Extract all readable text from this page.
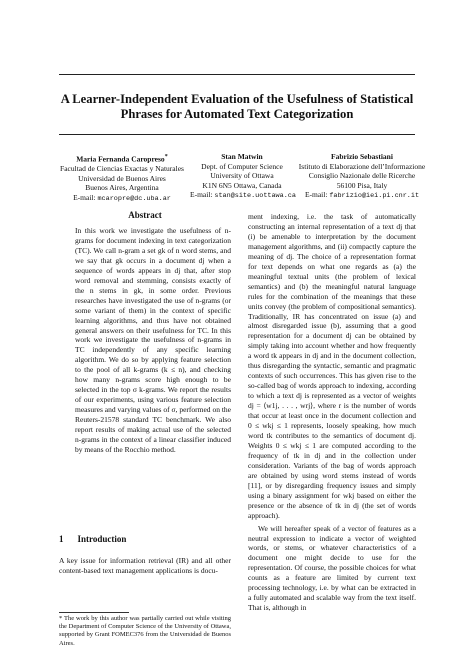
A Learner-Independent Evaluation of the Usefulness of Statistical Phrases for Automated Text Categorization
Maria Fernanda Caropreso*
Facultad de Ciencias Exactas y Naturales
Universidad de Buenos Aires
Buenos Aires, Argentina
E-mail: mcaropre@dc.uba.ar
Stan Matwin
Dept. of Computer Science
University of Ottawa
K1N 6N5 Ottawa, Canada
E-mail: stan@site.uottawa.ca
Fabrizio Sebastiani
Istituto di Elaborazione dell’Informazione
Consiglio Nazionale delle Ricerche
56100 Pisa, Italy
E-mail: fabrizio@iei.pi.cnr.it
Abstract

In this work we investigate the usefulness of n-grams for document indexing in text categorization (TC). We call n-gram a set gk of n word stems, and we say that gk occurs in a document dj when a sequence of words appears in dj that, after stop word removal and stemming, consists exactly of the n stems in gk, in some order. Previous researches have investigated the use of n-grams (or some variant of them) in the context of specific learning algorithms, and thus have not obtained general answers on their usefulness for TC. In this work we investigate the usefulness of n-grams in TC independently of any specific learning algorithm. We do so by applying feature selection to the pool of all k-grams (k ≤ n), and checking how many n-grams score high enough to be selected in the top σ k-grams. We report the results of our experiments, using various feature selection measures and varying values of σ, performed on the Reuters-21578 standard TC benchmark. We also report results of making actual use of the selected n-grams in the context of a linear classifier induced by means of the Rocchio method.

1 Introduction

A key issue for information retrieval (IR) and all other content-based text management applications is docu-

* The work by this author was partially carried out while visiting the Department of Computer Science of the University of Ottawa, supported by Grant FOMEC376 from the Universidad de Buenos Aires.

ment indexing, i.e. the task of automatically constructing an internal representation of a text dj that (i) be amenable to interpretation by the document management algorithms, and (ii) compactly capture the meaning of dj. The choice of a representation format for text depends on what one regards as (a) the meaningful textual units (the problem of lexical semantics) and (b) the meaningful natural language rules for the combination of the meanings that these units convey (the problem of compositional semantics). Traditionally, IR has concentrated on issue (a) and almost disregarded issue (b), assuming that a good representation for a document dj can be obtained by simply taking into account whether and how frequently a word tk appears in dj and in the document collection, thus disregarding the syntactic, semantic and pragmatic contexts of such occurrences. This has given rise to the so-called bag of words approach to indexing, according to which a text dj is represented as a vector of weights dj = ⟨w1j, . . . , wrj⟩, where r is the number of words that occur at least once in the document collection and 0 ≤ wkj ≤ 1 represents, loosely speaking, how much word tk contributes to the semantics of document dj. Weights 0 ≤ wkj ≤ 1 are computed according to the frequency of tk in dj and in the collection under consideration. Variants of the bag of words approach are obtained by using word stems instead of words [11], or by disregarding frequency issues and simply using a binary assignment for wkj based on either the presence or the absence of tk in dj (the set of words approach).

We will hereafter speak of a vector of features as a neutral expression to indicate a vector of weighted words, or stems, or whatever characteristics of a document one might decide to use for the representation. Of course, the possible choices for what counts as a feature are limited by current text processing technology, i.e. by what can be extracted in a fully automated and scalable way from the text itself. That is, although in
